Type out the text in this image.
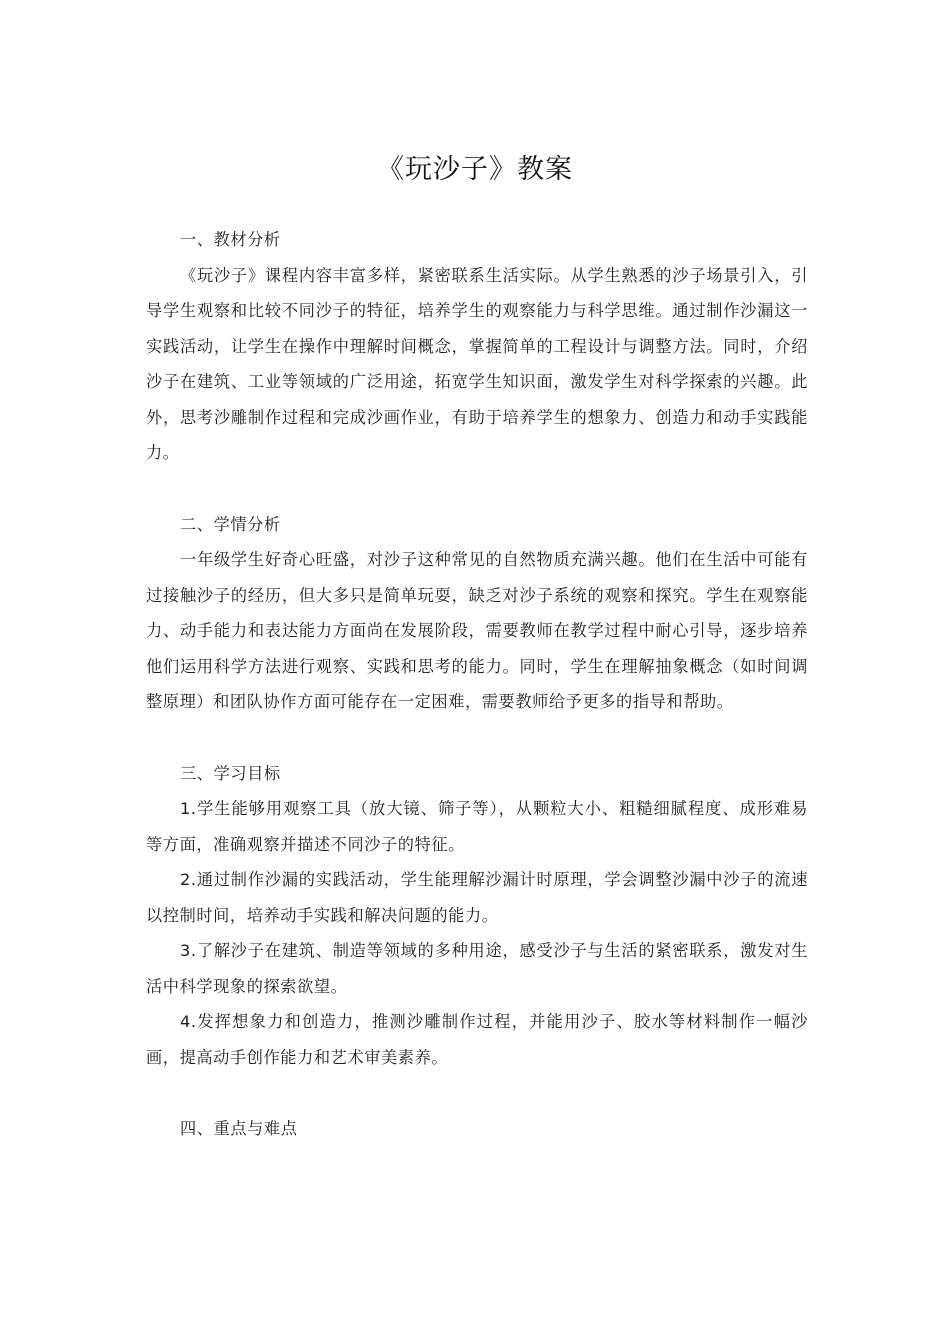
《玩沙子》教案

一、教材分析

《玩沙子》课程内容丰富多样，紧密联系生活实际。从学生熟悉的沙子场景引入，引导学生观察和比较不同沙子的特征，培养学生的观察能力与科学思维。通过制作沙漏这一实践活动，让学生在操作中理解时间概念，掌握简单的工程设计与调整方法。同时，介绍沙子在建筑、工业等领域的广泛用途，拓宽学生知识面，激发学生对科学探索的兴趣。此外，思考沙雕制作过程和完成沙画作业，有助于培养学生的想象力、创造力和动手实践能力。

二、学情分析

一年级学生好奇心旺盛，对沙子这种常见的自然物质充满兴趣。他们在生活中可能有过接触沙子的经历，但大多只是简单玩耍，缺乏对沙子系统的观察和探究。学生在观察能力、动手能力和表达能力方面尚在发展阶段，需要教师在教学过程中耐心引导，逐步培养他们运用科学方法进行观察、实践和思考的能力。同时，学生在理解抽象概念（如时间调整原理）和团队协作方面可能存在一定困难，需要教师给予更多的指导和帮助。

三、学习目标

1.学生能够用观察工具（放大镜、筛子等），从颗粒大小、粗糙细腻程度、成形难易等方面，准确观察并描述不同沙子的特征。

2.通过制作沙漏的实践活动，学生能理解沙漏计时原理，学会调整沙漏中沙子的流速以控制时间，培养动手实践和解决问题的能力。

3.了解沙子在建筑、制造等领域的多种用途，感受沙子与生活的紧密联系，激发对生活中科学现象的探索欲望。

4.发挥想象力和创造力，推测沙雕制作过程，并能用沙子、胶水等材料制作一幅沙画，提高动手创作能力和艺术审美素养。

四、重点与难点
